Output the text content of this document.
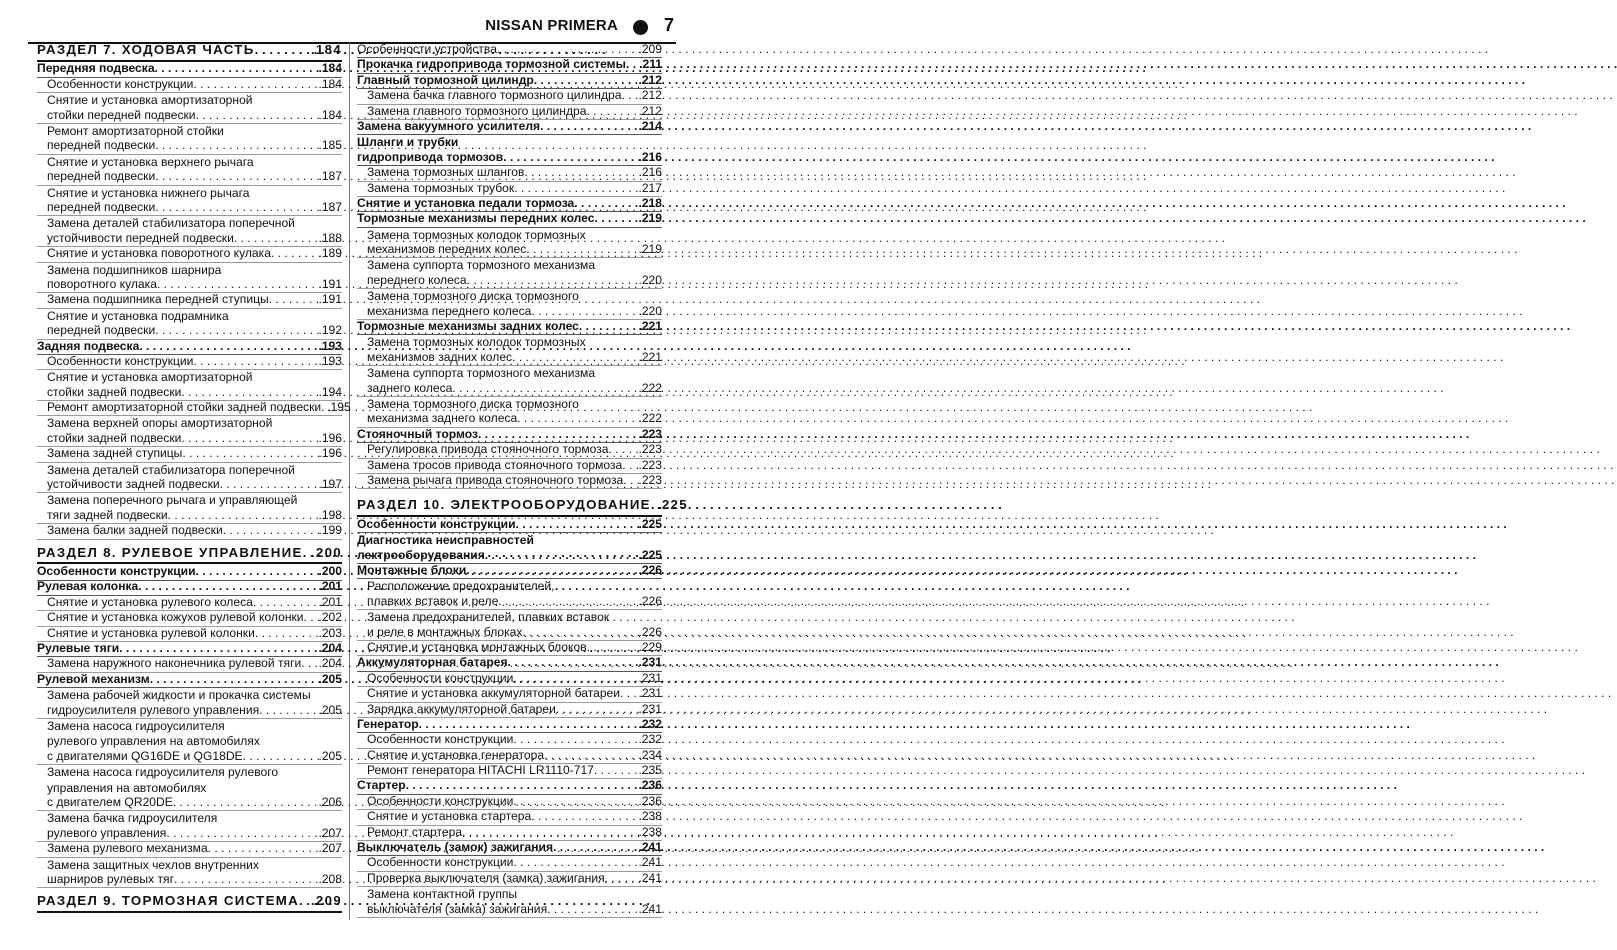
NISSAN PRIMERA	7
РАЗДЕЛ 7. ХОДОВАЯ ЧАСТЬ . . .	.184
Передняя подвеска . . .	.184
Особенности конструкции . . .	.184
Снятие и установка амортизаторной
стойки передней подвески . . .	.184
Ремонт амортизаторной стойки
передней подвески . . .	.185
Снятие и установка верхнего рычага
передней подвески . . .	.187
Снятие и установка нижнего рычага
передней подвески . . .	.187
Замена деталей стабилизатора поперечной
устойчивости передней подвески . . .	.188
Снятие и установка поворотного кулака . . .	.189
Замена подшипников шарнира
поворотного кулака . . .	.191
Замена подшипника передней ступицы . . .	.191
Снятие и установка подрамника
передней подвески . . .	.192
Задняя подвеска . . .	.193
Особенности конструкции . . .	.193
Снятие и установка амортизаторной
стойки задней подвески . . .	.194
Ремонт амортизаторной стойки задней подвески . . . .195
Замена верхней опоры амортизаторной
стойки задней подвески . . .	.196
Замена задней ступицы . . .	.196
Замена деталей стабилизатора поперечной
устойчивости задней подвески . . .	.197
Замена поперечного рычага и управляющей
тяги задней подвески . . .	.198
Замена балки задней подвески . . .	.199
РАЗДЕЛ 8. РУЛЕВОЕ УПРАВЛЕНИЕ . . . .200
Особенности конструкции . . .	.200
Рулевая колонка . . .	.201
Снятие и установка рулевого колеса . . .	.201
Снятие и установка кожухов рулевой колонки . . . .202
Снятие и установка рулевой колонки . . .	.203
Рулевые тяги . . .	.204
Замена наружного наконечника рулевой тяги . . . .204
Рулевой механизм . . .	.205
Замена рабочей жидкости и прокачка системы
гидроусилителя рулевого управления . . .	.205
Замена насоса гидроусилителя
рулевого управления на автомобилях
с двигателями QG16DE и QG18DE . . .	.205
Замена насоса гидроусилителя рулевого
управления на автомобилях
с двигателем QR20DE . . .	.206
Замена бачка гидроусилителя
рулевого управления . . .	.207
Замена рулевого механизма . . .	.207
Замена защитных чехлов внутренних
шарниров рулевых тяг . . .	.208
РАЗДЕЛ 9. ТОРМОЗНАЯ СИСТЕМА . . . .209
Особенности устройства . . .	.209
Прокачка гидропривода тормозной системы . . . .211
Главный тормозной цилиндр . . .	.212
Замена бачка главного тормозного цилиндра . . . .212
Замена главного тормозного цилиндра . . .	.212
Замена вакуумного усилителя . . .	.214
Шланги и трубки
гидропривода тормозов . . .	.216
Замена тормозных шлангов . . .	.216
Замена тормозных трубок . . .	.217
Снятие и установка педали тормоза . . .	.218
Тормозные механизмы передних колес . . .	.219
Замена тормозных колодок тормозных
механизмов передних колес . . .	.219
Замена суппорта тормозного механизма
переднего колеса . . .	.220
Замена тормозного диска тормозного
механизма переднего колеса . . .	.220
Тормозные механизмы задних колес . . .	.221
Замена тормозных колодок тормозных
механизмов задних колес . . .	.221
Замена суппорта тормозного механизма
заднего колеса . . .	.222
Замена тормозного диска тормозного
механизма заднего колеса . . .	.222
Стояночный тормоз . . .	.223
Регулировка привода стояночного тормоза . . . .223
Замена тросов привода стояночного тормоза . . . .223
Замена рычага привода стояночного тормоза . . . .223
РАЗДЕЛ 10. ЭЛЕКТРООБОРУДОВАНИЕ . . . .225
Особенности конструкции . . .	.225
Диагностика неисправностей
лектрооборудования . . .	.225
Монтажные блоки . . .	.226
Расположение предохранителей,
плавких вставок и реле . . .	.226
Замена предохранителей, плавких вставок
и реле в монтажных блоках . . .	.226
Снятие и установка монтажных блоков . . .	.229
Аккумуляторная батарея . . .	.231
Особенности конструкции . . .	.231
Снятие и установка аккумуляторной батареи . . . .231
Зарядка аккумуляторной батареи . . .	.231
Генератор . . .	.232
Особенности конструкции . . .	.232
Снятие и установка генератора . . .	.234
Ремонт генератора HITACHI LR1110-717 . . .	.235
Стартер . . .	.236
Особенности конструкции . . .	.236
Снятие и установка стартера . . .	.238
Ремонт стартера . . .	.238
Выключатель (замок) зажигания . . .	.241
Особенности конструкции . . .	.241
Проверка выключателя (замка) зажигания . . .	.241
Замена контактной группы
выключателя (замка) зажигания . . .	.241
